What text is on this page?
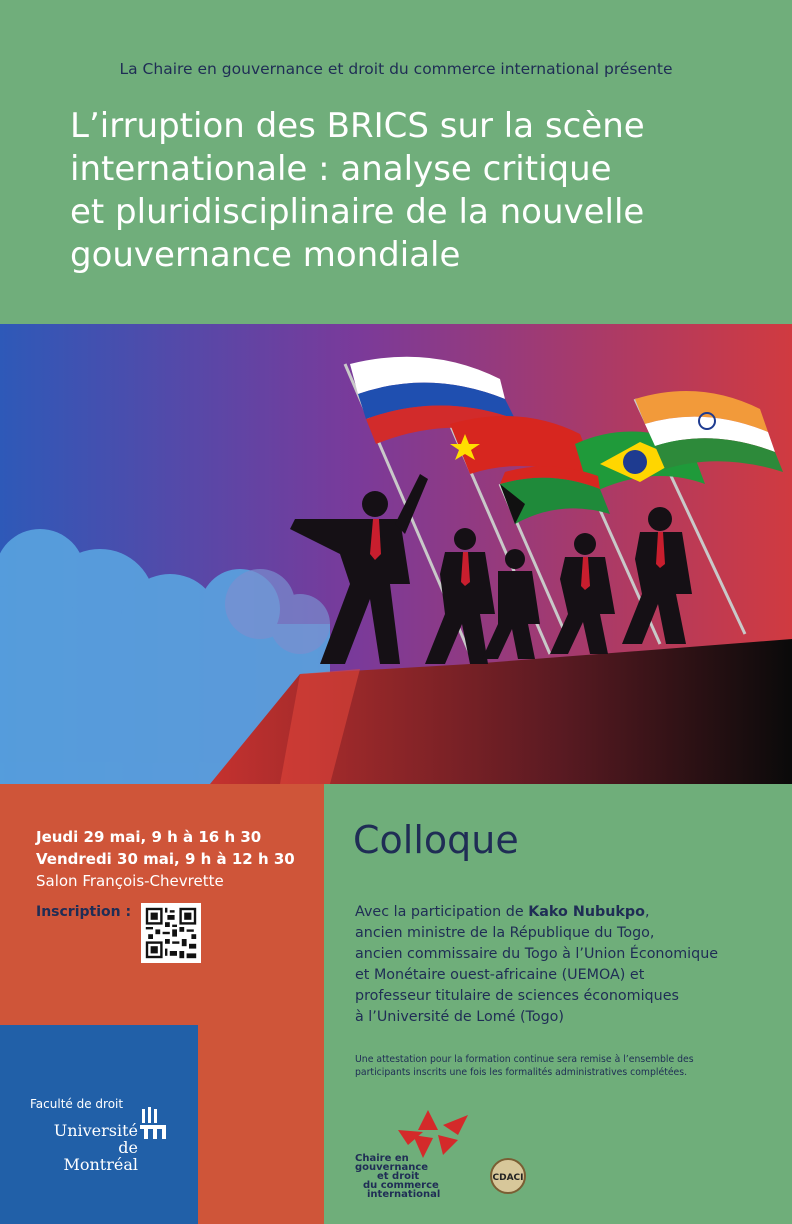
La Chaire en gouvernance et droit du commerce international présente
L’irruption des BRICS sur la scène
internationale : analyse critique
et pluridisciplinaire de la nouvelle
gouvernance mondiale
Jeudi 29 mai, 9 h à 16 h 30
Vendredi 30 mai, 9 h à 12 h 30
Salon François-Chevrette
Inscription :
Colloque
Avec la participation de Kako Nubukpo,
ancien ministre de la République du Togo,
ancien commissaire du Togo à l’Union Économique
et Monétaire ouest-africaine (UEMOA) et
professeur titulaire de sciences économiques
à l’Université de Lomé (Togo)
Une attestation pour la formation continue sera remise à l’ensemble des
participants inscrits une fois les formalités administratives complétées.
Faculté de droit
Université
de Montréal	Chaire en
gouvernance
et droit
du commerce
international
CDACI
